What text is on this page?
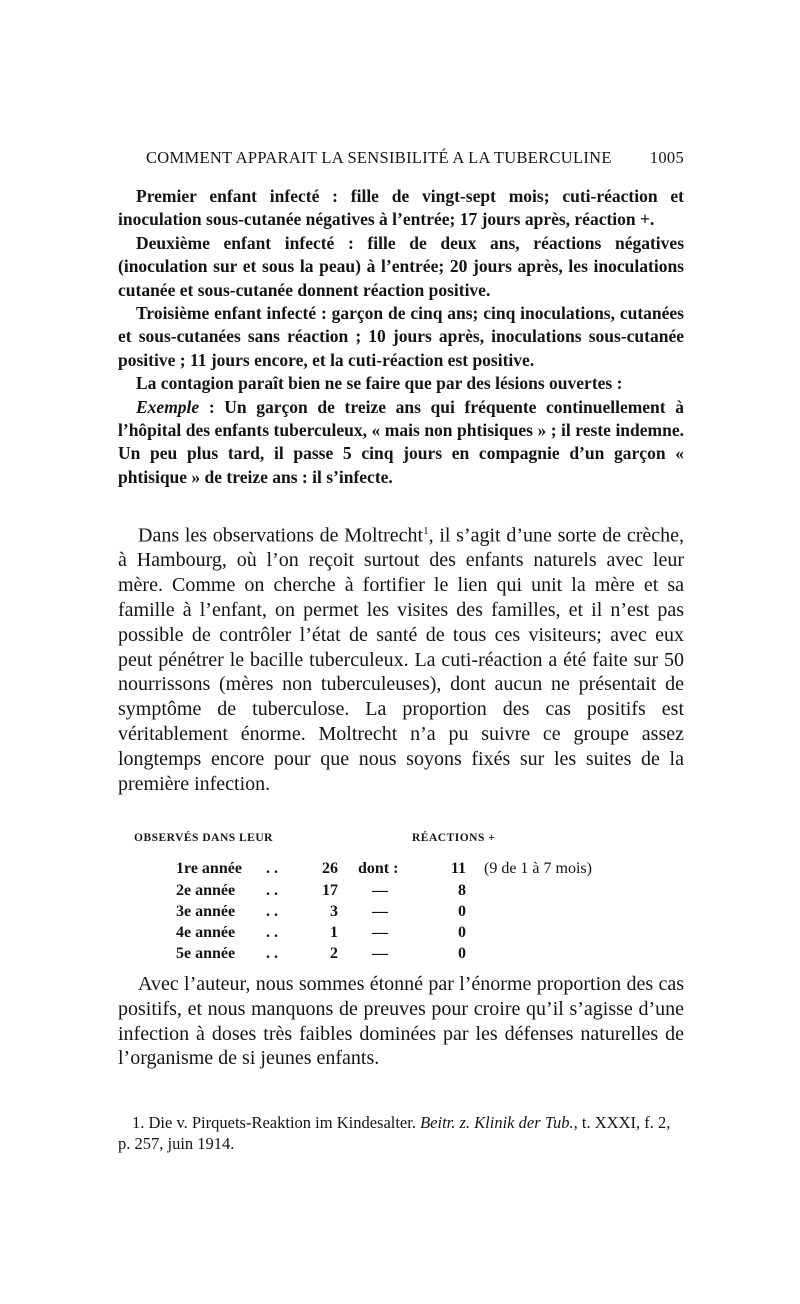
COMMENT APPARAIT LA SENSIBILITÉ A LA TUBERCULINE 1005

Premier enfant infecté : fille de vingt-sept mois; cuti-réaction et inoculation sous-cutanée négatives à l’entrée; 17 jours après, réaction +.

Deuxième enfant infecté : fille de deux ans, réactions négatives (inoculation sur et sous la peau) à l’entrée; 20 jours après, les inoculations cutanée et sous-cutanée donnent réaction positive.

Troisième enfant infecté : garçon de cinq ans; cinq inoculations, cutanées et sous-cutanées sans réaction ; 10 jours après, inoculations sous-cutanée positive ; 11 jours encore, et la cuti-réaction est positive.

La contagion paraît bien ne se faire que par des lésions ouvertes :

Exemple : Un garçon de treize ans qui fréquente continuellement à l’hôpital des enfants tuberculeux, « mais non phtisiques » ; il reste indemne. Un peu plus tard, il passe 5 cinq jours en compagnie d’un garçon « phtisique » de treize ans : il s’infecte.

Dans les observations de Moltrecht$^1$, il s’agit d’une sorte de crèche, à Hambourg, où l’on reçoit surtout des enfants naturels avec leur mère. Comme on cherche à fortifier le lien qui unit la mère et sa famille à l’enfant, on permet les visites des familles, et il n’est pas possible de contrôler l’état de santé de tous ces visiteurs; avec eux peut pénétrer le bacille tuberculeux. La cuti-réaction a été faite sur 50 nourrissons (mères non tuberculeuses), dont aucun ne présentait de symptôme de tuberculose. La proportion des cas positifs est véritablement énorme. Moltrecht n’a pu suivre ce groupe assez longtemps encore pour que nous soyons fixés sur les suites de la première infection.

OBSERVÉS DANS LEUR	RÉACTIONS +
1re année . .	26 dont :	11 (9 de 1 à 7 mois)
2e année . .	17 —	8
3e année . .	3 —	0
4e année . .	1 —	0
5e année . .	2 —	0

Avec l’auteur, nous sommes étonné par l’énorme proportion des cas positifs, et nous manquons de preuves pour croire qu’il s’agisse d’une infection à doses très faibles dominées par les défenses naturelles de l’organisme de si jeunes enfants.

1. Die v. Pirquets-Reaktion im Kindesalter. Beitr. z. Klinik der Tub., t. XXXI, f. 2, p. 257, juin 1914.
